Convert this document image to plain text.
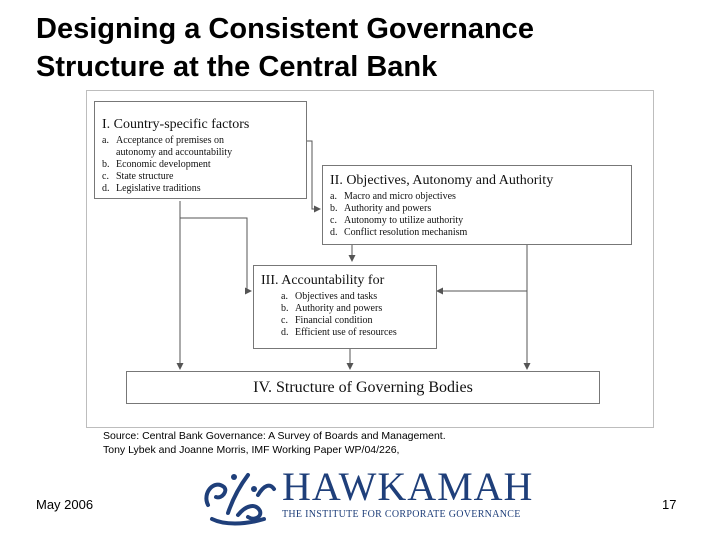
Designing a Consistent Governance
Structure at the Central Bank
I. Country-specific factors
a. Acceptance of premises on
autonomy and accountability
b. Economic development
c. State structure
d. Legislative traditions
II. Objectives, Autonomy and Authority
a. Macro and micro objectives
b. Authority and powers
c. Autonomy to utilize authority
d. Conflict resolution mechanism
III. Accountability for
a. Objectives and tasks
b. Authority and powers
c. Financial condition
d. Efficient use of resources
IV. Structure of Governing Bodies
Source: Central Bank Governance: A Survey of Boards and Management.
Tony Lybek and Joanne Morris, IMF Working Paper WP/04/226,
May 2006	HAWKAMAH
THE INSTITUTE FOR CORPORATE GOVERNANCE
17
